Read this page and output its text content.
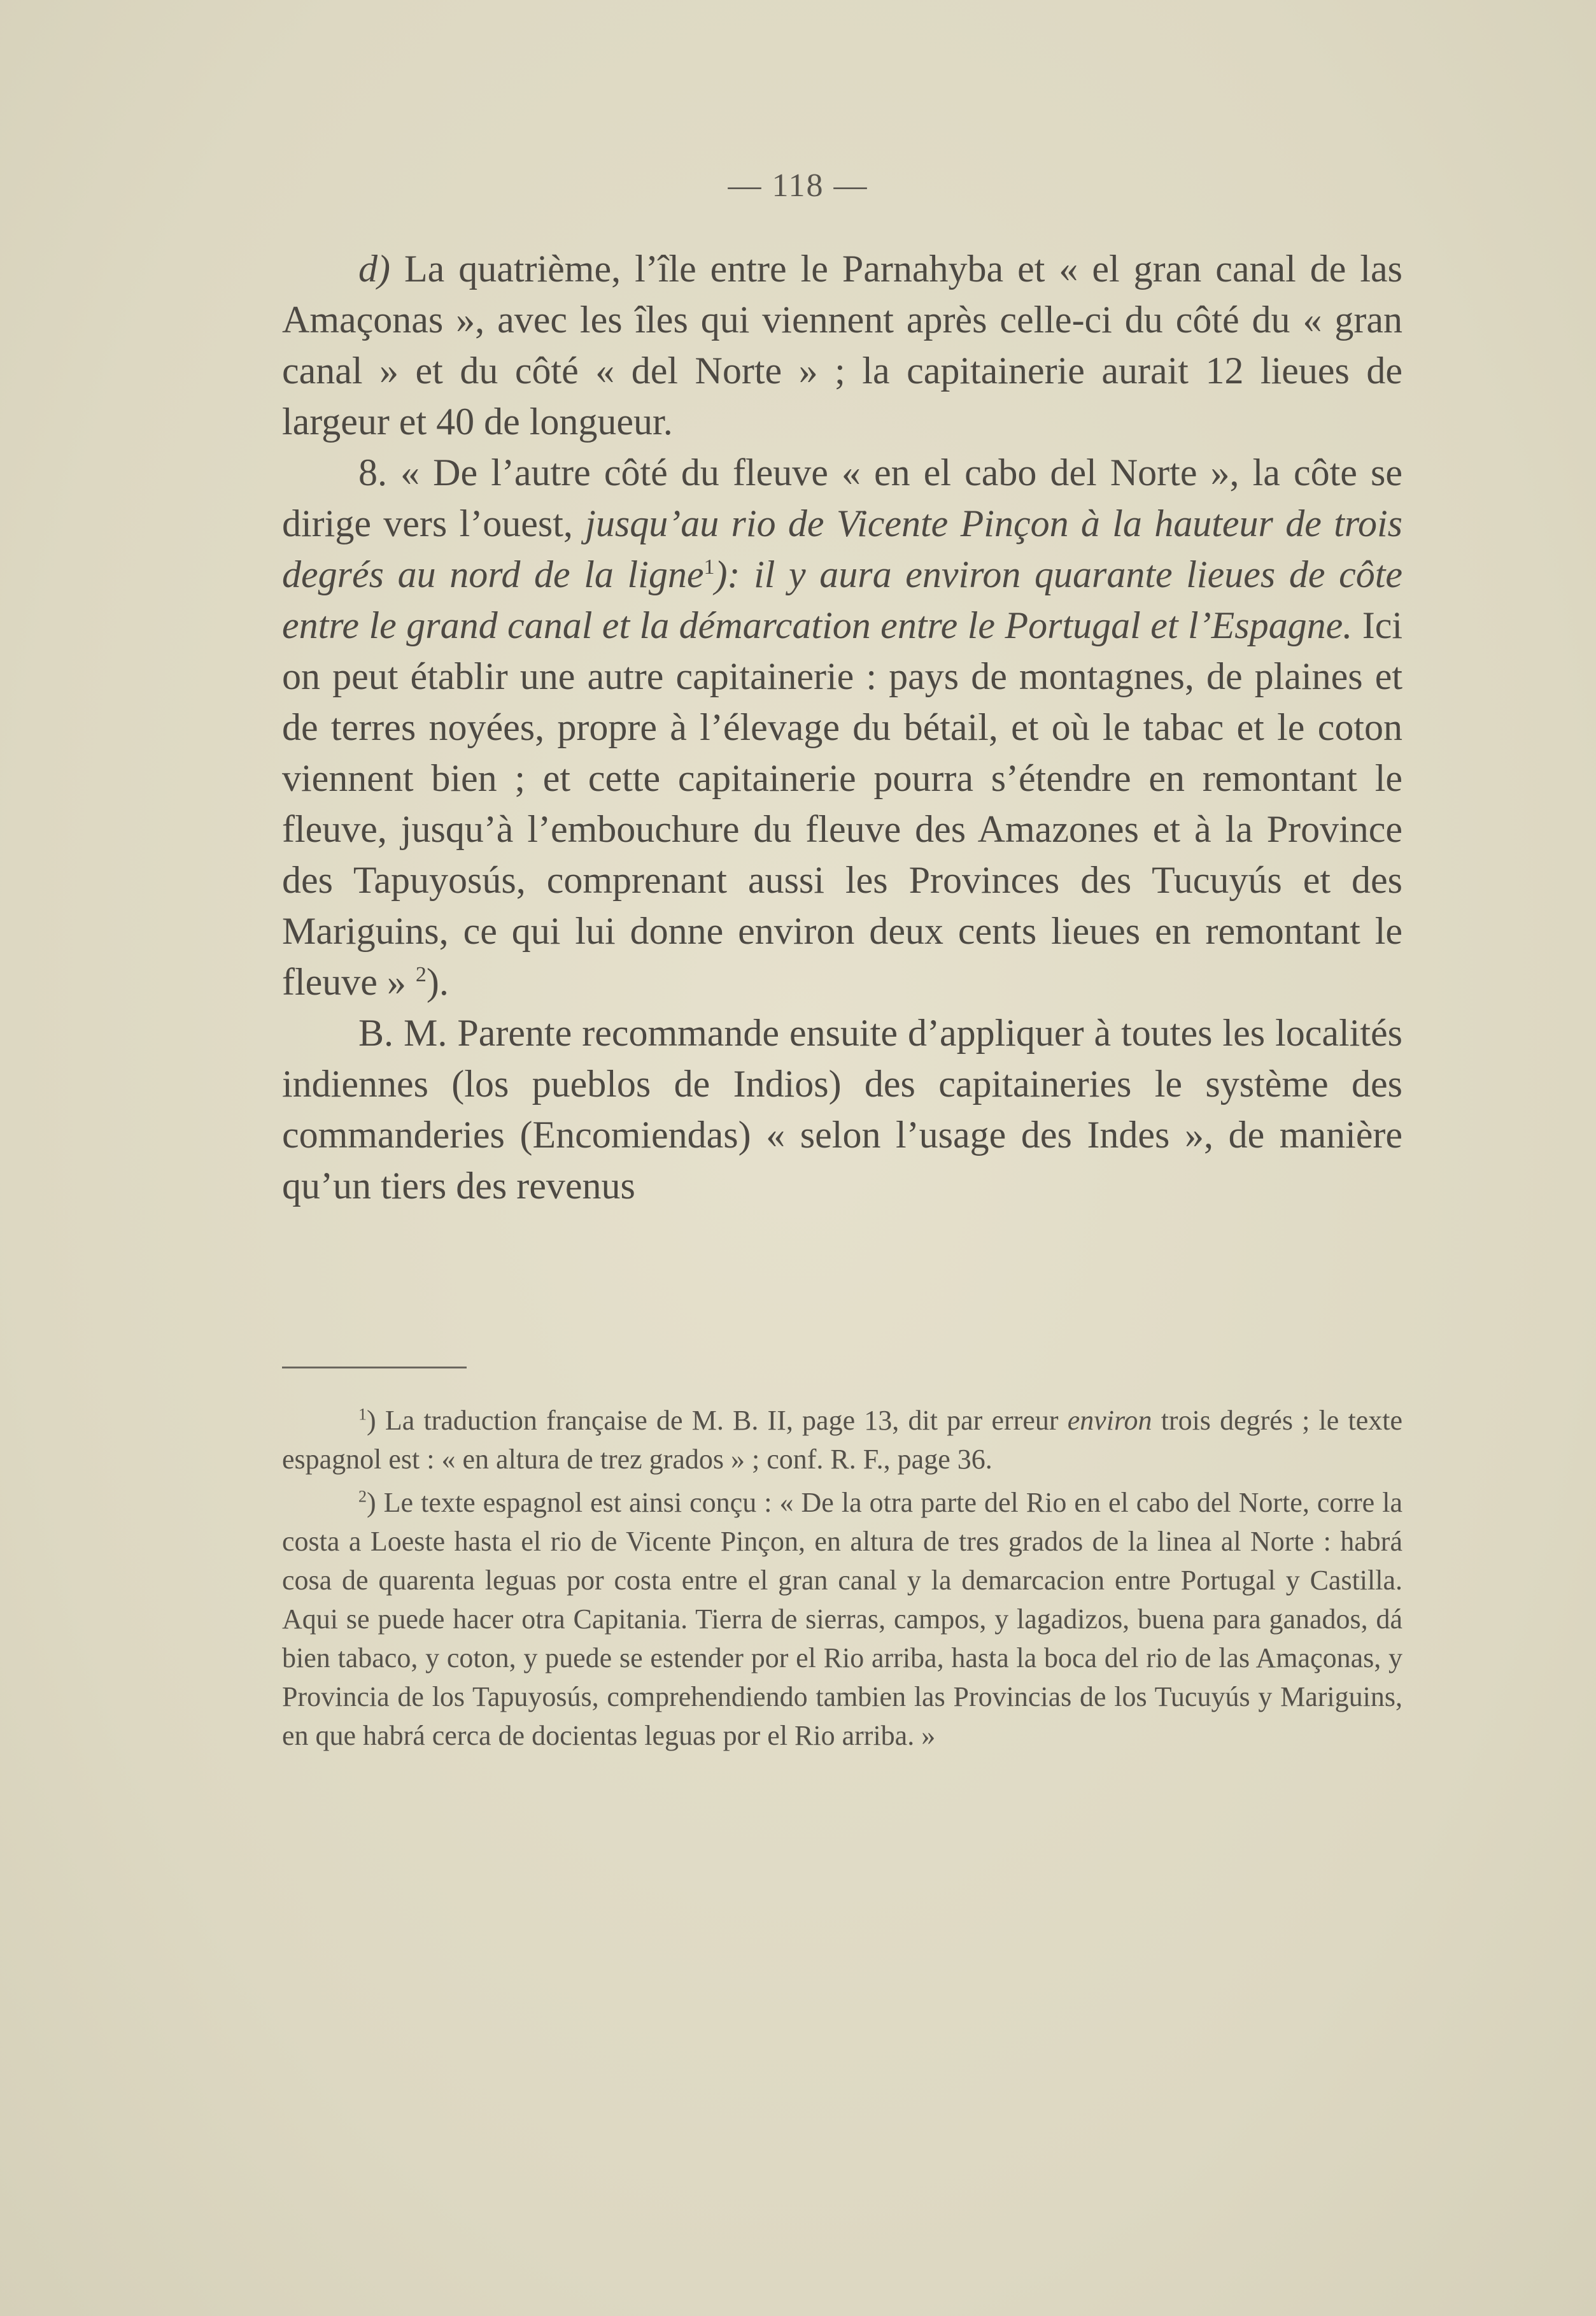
— 118 —

d) La quatrième, l’île entre le Parnahyba et « el gran canal de las Amaçonas », avec les îles qui viennent après celle-ci du côté du « gran canal » et du côté « del Norte » ; la capitainerie aurait 12 lieues de largeur et 40 de longueur.

8. « De l’autre côté du fleuve « en el cabo del Norte », la côte se dirige vers l’ouest, jusqu’au rio de Vicente Pinçon à la hauteur de trois degrés au nord de la ligne$^1$): il y aura environ quarante lieues de côte entre le grand canal et la démarcation entre le Portugal et l’Espagne. Ici on peut établir une autre capitainerie : pays de montagnes, de plaines et de terres noyées, propre à l’élevage du bétail, et où le tabac et le coton viennent bien ; et cette capitainerie pourra s’étendre en remontant le fleuve, jusqu’à l’embouchure du fleuve des Amazones et à la Province des Tapuyosús, comprenant aussi les Provinces des Tucuyús et des Mariguins, ce qui lui donne environ deux cents lieues en remontant le fleuve » $^2$).

B. M. Parente recommande ensuite d’appliquer à toutes les localités indiennes (los pueblos de Indios) des capitaineries le système des commanderies (Encomiendas) « selon l’usage des Indes », de manière qu’un tiers des revenus

$^1$) La traduction française de M. B. II, page 13, dit par erreur environ trois degrés ; le texte espagnol est : « en altura de trez grados » ; conf. R. F., page 36.

$^2$) Le texte espagnol est ainsi conçu : « De la otra parte del Rio en el cabo del Norte, corre la costa a Loeste hasta el rio de Vicente Pinçon, en altura de tres grados de la linea al Norte : habrá cosa de quarenta leguas por costa entre el gran canal y la demarcacion entre Portugal y Castilla. Aqui se puede hacer otra Capitania. Tierra de sierras, campos, y lagadizos, buena para ganados, dá bien tabaco, y coton, y puede se estender por el Rio arriba, hasta la boca del rio de las Amaçonas, y Provincia de los Tapuyosús, comprehendiendo tambien las Provincias de los Tucuyús y Mariguins, en que habrá cerca de docientas leguas por el Rio arriba. »
